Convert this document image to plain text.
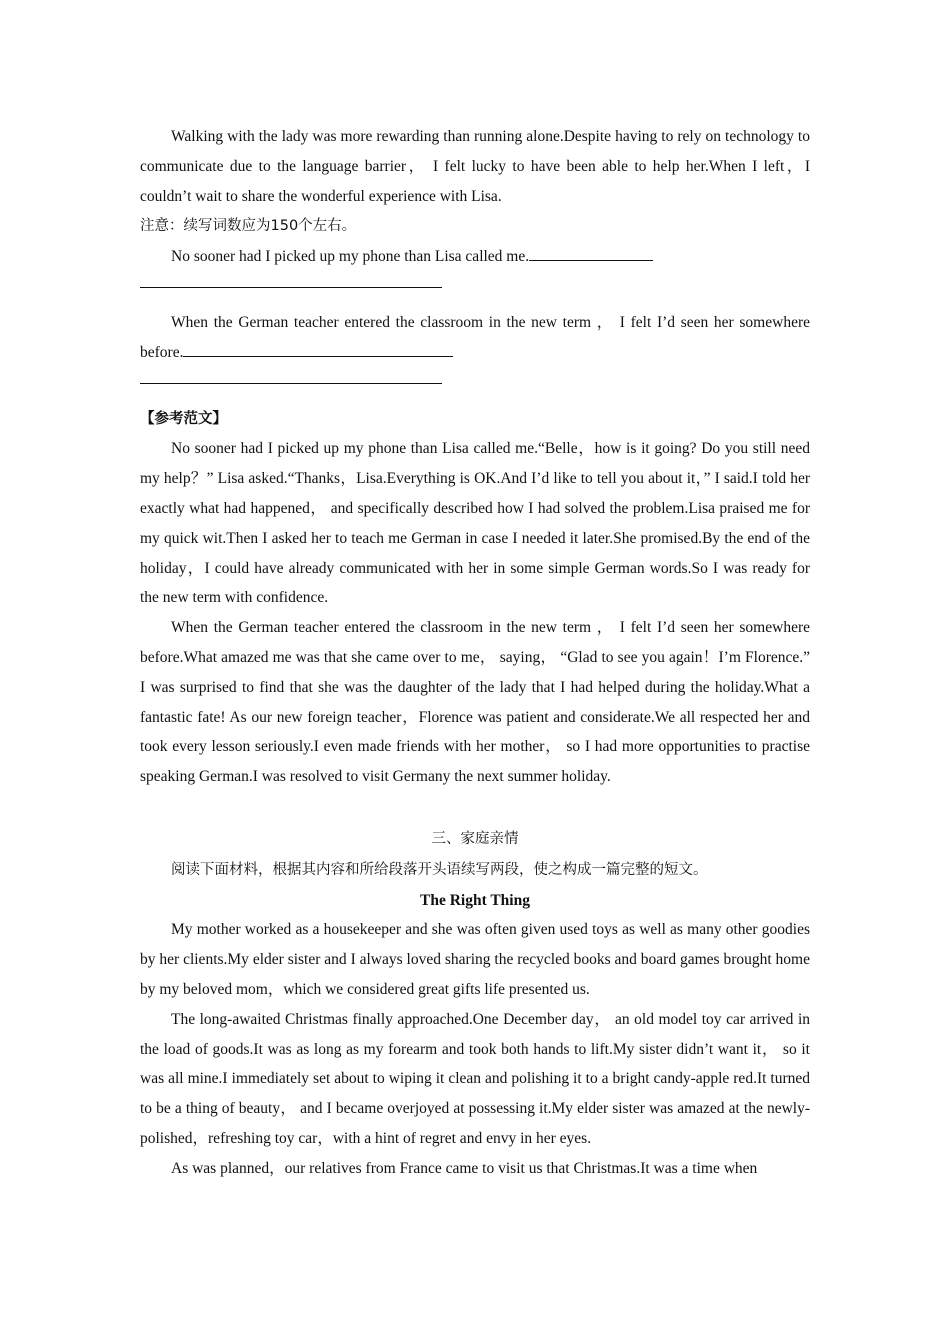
Walking with the lady was more rewarding than running alone.Despite having to rely on technology to communicate due to the language barrier， I felt lucky to have been able to help her.When I left，I couldn’t wait to share the wonderful experience with Lisa.

注意：续写词数应为150个左右。

No sooner had I picked up my phone than Lisa called me.

When the German teacher entered the classroom in the new term ， I felt I’d seen her somewhere before.

【参考范文】

No sooner had I picked up my phone than Lisa called me.“Belle，how is it going? Do you still need my help？” Lisa asked.“Thanks，Lisa.Everything is OK.And I’d like to tell you about it，” I said.I told her exactly what had happened， and specifically described how I had solved the problem.Lisa praised me for my quick wit.Then I asked her to teach me German in case I needed it later.She promised.By the end of the holiday，I could have already communicated with her in some simple German words.So I was ready for the new term with confidence.

When the German teacher entered the classroom in the new term ， I felt I’d seen her somewhere before.What amazed me was that she came over to me， saying， “Glad to see you again！I’m Florence.” I was surprised to find that she was the daughter of the lady that I had helped during the holiday.What a fantastic fate! As our new foreign teacher，Florence was patient and considerate.We all respected her and took every lesson seriously.I even made friends with her mother， so I had more opportunities to practise speaking German.I was resolved to visit Germany the next summer holiday.

三、家庭亲情

阅读下面材料，根据其内容和所给段落开头语续写两段，使之构成一篇完整的短文。

The Right Thing

My mother worked as a housekeeper and she was often given used toys as well as many other goodies by her clients.My elder sister and I always loved sharing the recycled books and board games brought home by my beloved mom，which we considered great gifts life presented us.

The long-awaited Christmas finally approached.One December day， an old model toy car arrived in the load of goods.It was as long as my forearm and took both hands to lift.My sister didn’t want it， so it was all mine.I immediately set about to wiping it clean and polishing it to a bright candy-apple red.It turned to be a thing of beauty， and I became overjoyed at possessing it.My elder sister was amazed at the newly-polished，refreshing toy car，with a hint of regret and envy in her eyes.

As was planned，our relatives from France came to visit us that Christmas.It was a time when
